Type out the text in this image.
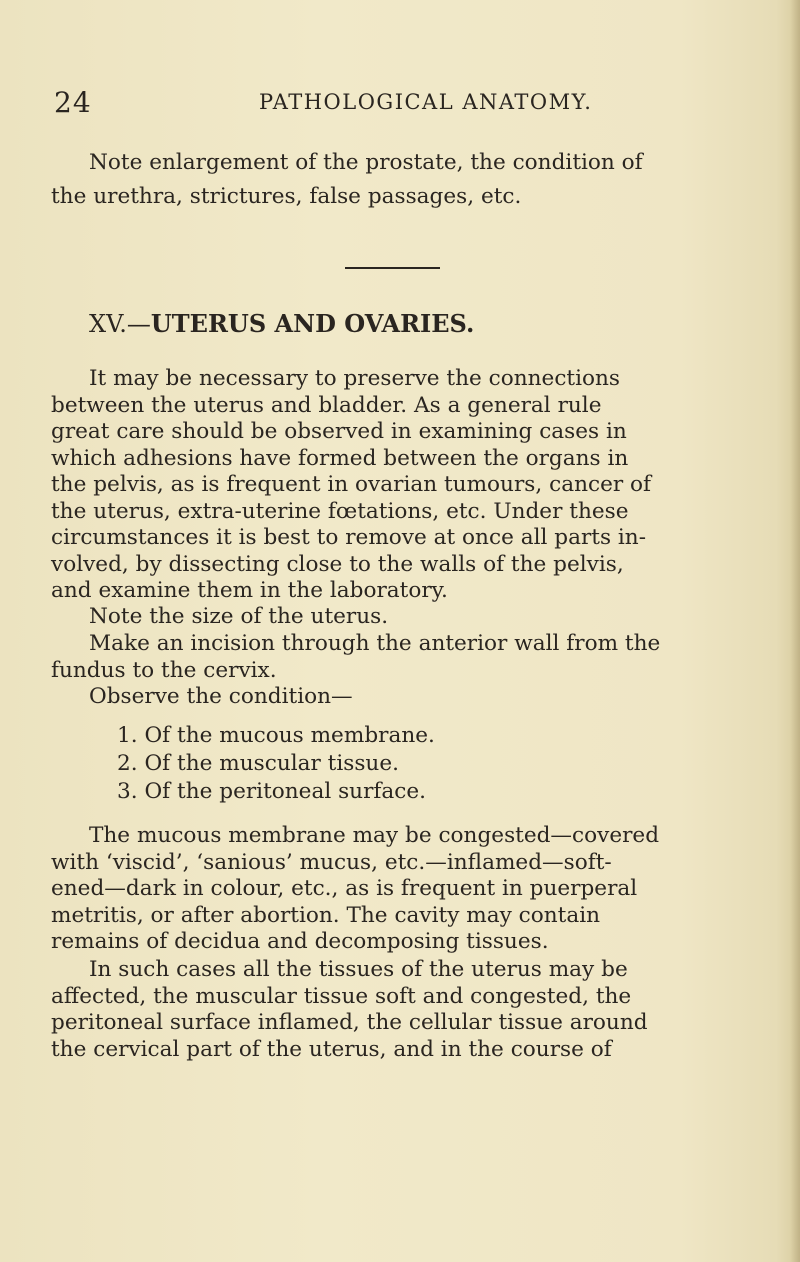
24	PATHOLOGICAL ANATOMY.
Note enlargement of the prostate, the condition of
the urethra, strictures, false passages, etc.
XV.—UTERUS AND OVARIES.
It may be necessary to preserve the connections
between the uterus and bladder. As a general rule
great care should be observed in examining cases in
which adhesions have formed between the organs in
the pelvis, as is frequent in ovarian tumours, cancer of
the uterus, extra-uterine fœtations, etc. Under these
circumstances it is best to remove at once all parts in-
volved, by dissecting close to the walls of the pelvis,
and examine them in the laboratory.
Note the size of the uterus.
Make an incision through the anterior wall from the
fundus to the cervix.
Observe the condition—
1. Of the mucous membrane.
2. Of the muscular tissue.
3. Of the peritoneal surface.
The mucous membrane may be congested—covered
with ‘viscid’, ‘sanious’ mucus, etc.—inflamed—soft-
ened—dark in colour, etc., as is frequent in puerperal
metritis, or after abortion. The cavity may contain
remains of decidua and decomposing tissues.
In such cases all the tissues of the uterus may be
affected, the muscular tissue soft and congested, the
peritoneal surface inflamed, the cellular tissue around
the cervical part of the uterus, and in the course of
